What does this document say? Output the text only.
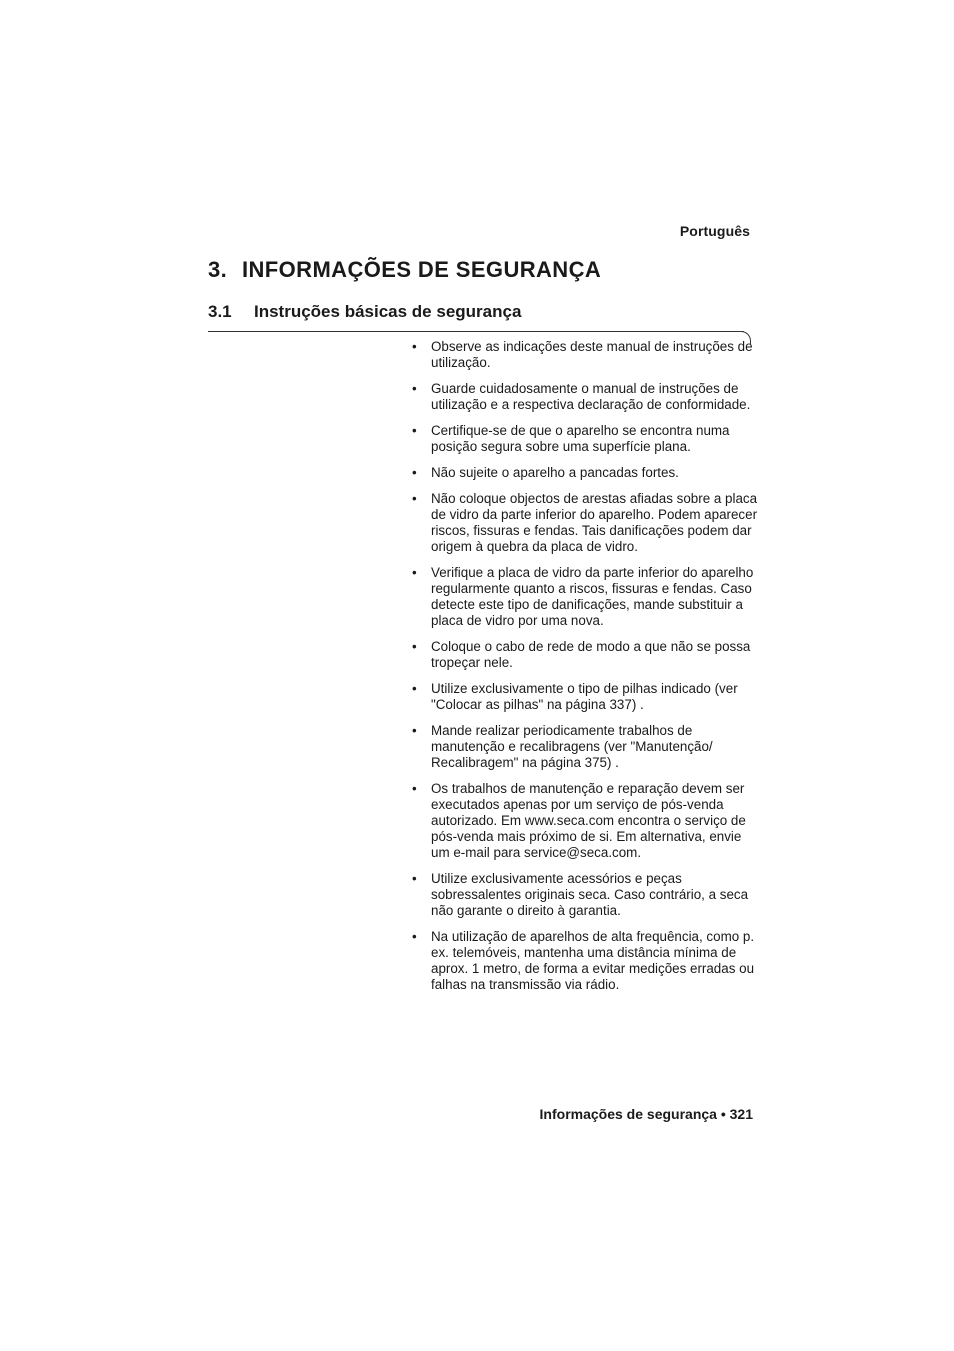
Português
3. INFORMAÇÕES DE SEGURANÇA
3.1 Instruções básicas de segurança
• Observe as indicações deste manual de instruções de utilização.
• Guarde cuidadosamente o manual de instruções de utilização e a respectiva declaração de conformidade.
• Certifique-se de que o aparelho se encontra numa posição segura sobre uma superfície plana.
• Não sujeite o aparelho a pancadas fortes.
• Não coloque objectos de arestas afiadas sobre a placa de vidro da parte inferior do aparelho. Podem aparecer riscos, fissuras e fendas. Tais danificações podem dar origem à quebra da placa de vidro.
• Verifique a placa de vidro da parte inferior do aparelho regularmente quanto a riscos, fissuras e fendas. Caso detecte este tipo de danificações, mande substituir a placa de vidro por uma nova.
• Coloque o cabo de rede de modo a que não se possa tropeçar nele.
• Utilize exclusivamente o tipo de pilhas indicado (ver "Colocar as pilhas" na página 337) .
• Mande realizar periodicamente trabalhos de manutenção e recalibragens (ver "Manutenção/ Recalibragem" na página 375) .
• Os trabalhos de manutenção e reparação devem ser executados apenas por um serviço de pós-venda autorizado. Em www.seca.com encontra o serviço de pós-venda mais próximo de si. Em alternativa, envie um e-mail para service@seca.com.
• Utilize exclusivamente acessórios e peças sobressalentes originais seca. Caso contrário, a seca não garante o direito à garantia.
• Na utilização de aparelhos de alta frequência, como p. ex. telemóveis, mantenha uma distância mínima de aprox. 1 metro, de forma a evitar medições erradas ou falhas na transmissão via rádio.
Informações de segurança • 321
